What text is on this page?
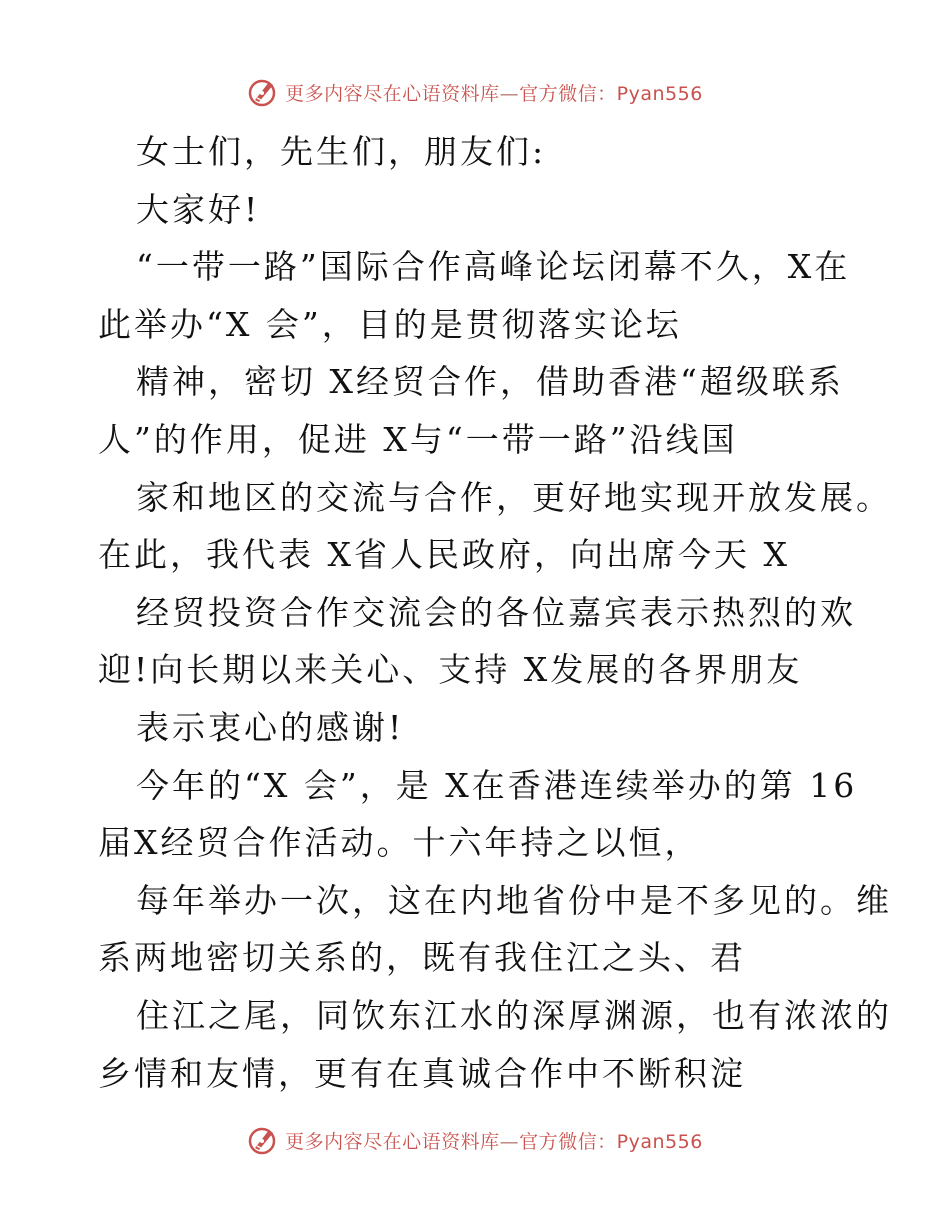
更多内容尽在心语资料库—官方微信：Pyan556
女士们，先生们，朋友们:
大家好!
“一带一路”国际合作高峰论坛闭幕不久，X在
此举办“X 会”，目的是贯彻落实论坛
精神，密切 X经贸合作，借助香港“超级联系
人”的作用，促进 X与“一带一路”沿线国
家和地区的交流与合作，更好地实现开放发展。
在此，我代表 X省人民政府，向出席今天 X
经贸投资合作交流会的各位嘉宾表示热烈的欢
迎!向长期以来关心、支持 X发展的各界朋友
表示衷心的感谢!
今年的“X 会”，是 X在香港连续举办的第 16
届X经贸合作活动。十六年持之以恒，
每年举办一次，这在内地省份中是不多见的。维
系两地密切关系的，既有我住江之头、君
住江之尾，同饮东江水的深厚渊源，也有浓浓的
乡情和友情，更有在真诚合作中不断积淀
更多内容尽在心语资料库—官方微信：Pyan556
